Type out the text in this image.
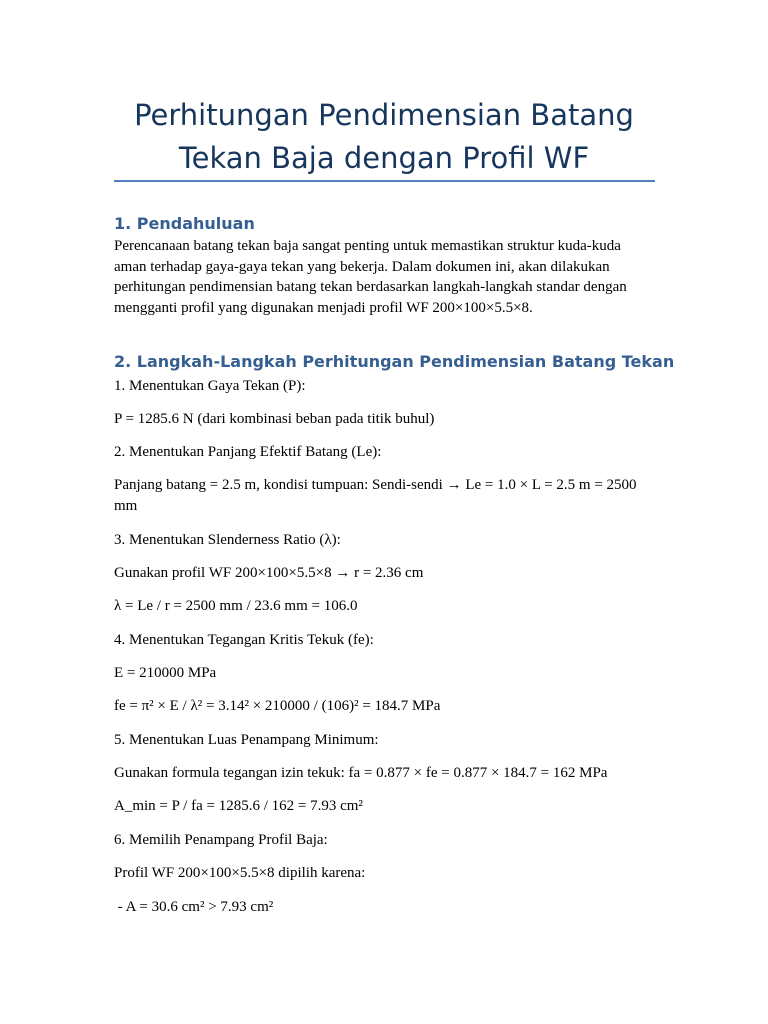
Perhitungan Pendimensian Batang
Tekan Baja dengan Profil WF
1. Pendahuluan
Perencanaan batang tekan baja sangat penting untuk memastikan struktur kuda-kuda aman terhadap gaya-gaya tekan yang bekerja. Dalam dokumen ini, akan dilakukan perhitungan pendimensian batang tekan berdasarkan langkah-langkah standar dengan mengganti profil yang digunakan menjadi profil WF 200×100×5.5×8.
2. Langkah-Langkah Perhitungan Pendimensian Batang Tekan
1. Menentukan Gaya Tekan (P):
P = 1285.6 N (dari kombinasi beban pada titik buhul)
2. Menentukan Panjang Efektif Batang (Le):
Panjang batang = 2.5 m, kondisi tumpuan: Sendi-sendi → Le = 1.0 × L = 2.5 m = 2500 mm
3. Menentukan Slenderness Ratio (λ):
Gunakan profil WF 200×100×5.5×8 → r = 2.36 cm
λ = Le / r = 2500 mm / 23.6 mm = 106.0
4. Menentukan Tegangan Kritis Tekuk (fe):
E = 210000 MPa
fe = π² × E / λ² = 3.14² × 210000 / (106)² = 184.7 MPa
5. Menentukan Luas Penampang Minimum:
Gunakan formula tegangan izin tekuk: fa = 0.877 × fe = 0.877 × 184.7 = 162 MPa
A_min = P / fa = 1285.6 / 162 = 7.93 cm²
6. Memilih Penampang Profil Baja:
Profil WF 200×100×5.5×8 dipilih karena:
- A = 30.6 cm² > 7.93 cm²
